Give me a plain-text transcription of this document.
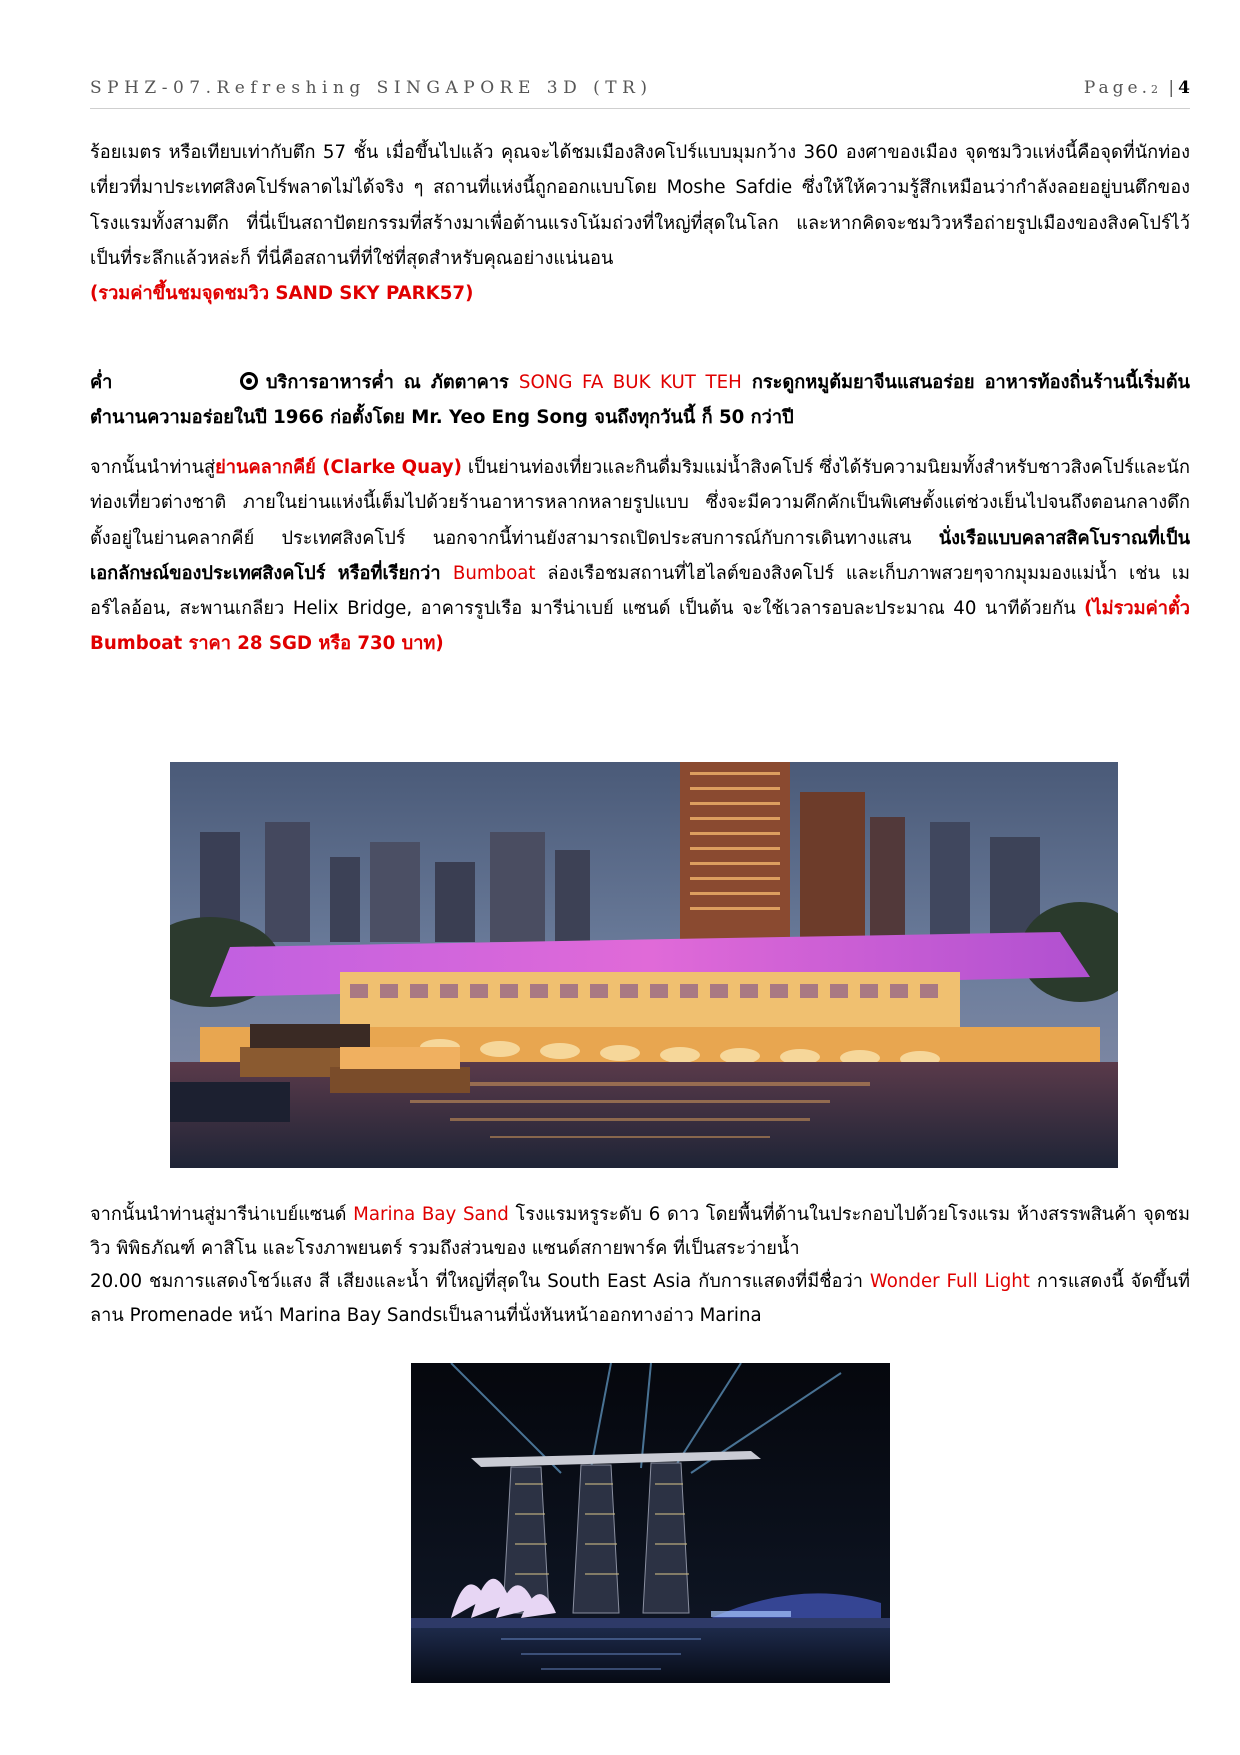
SPHZ-07.Refreshing SINGAPORE 3D (TR)	Page.2 |4

ร้อยเมตร หรือเทียบเท่ากับตึก 57 ชั้น เมื่อขึ้นไปแล้ว คุณจะได้ชมเมืองสิงคโปร์แบบมุมกว้าง 360 องศาของเมือง จุดชมวิวแห่งนี้คือจุดที่นักท่องเที่ยวที่มาประเทศสิงคโปร์พลาดไม่ได้จริง ๆ สถานที่แห่งนี้ถูกออกแบบโดย Moshe Safdie ซึ่งให้ให้ความรู้สึกเหมือนว่ากำลังลอยอยู่บนตึกของโรงแรมทั้งสามตึก ที่นี่เป็นสถาปัตยกรรมที่สร้างมาเพื่อต้านแรงโน้มถ่วงที่ใหญ่ที่สุดในโลก และหากคิดจะชมวิวหรือถ่ายรูปเมืองของสิงคโปร์ไว้เป็นที่ระลึกแล้วหล่ะก็ ที่นี่คือสถานที่ที่ใช่ที่สุดสำหรับคุณอย่างแน่นอน

(รวมค่าขึ้นชมจุดชมวิว SAND SKY PARK57)

ค่ำ	บริการอาหารค่ำ ณ ภัตตาคาร SONG FA BUK KUT TEH กระดูกหมูต้มยาจีนแสนอร่อย อาหารท้องถิ่นร้านนี้เริ่มต้นตำนานความอร่อยในปี 1966 ก่อตั้งโดย Mr. Yeo Eng Song จนถึงทุกวันนี้ ก็ 50 กว่าปี

จากนั้นนำท่านสู่ย่านคลากคีย์ (Clarke Quay) เป็นย่านท่องเที่ยวและกินดื่มริมแม่น้ำสิงคโปร์ ซึ่งได้รับความนิยมทั้งสำหรับชาวสิงคโปร์และนักท่องเที่ยวต่างชาติ ภายในย่านแห่งนี้เต็มไปด้วยร้านอาหารหลากหลายรูปแบบ ซึ่งจะมีความคึกคักเป็นพิเศษตั้งแต่ช่วงเย็นไปจนถึงตอนกลางดึก ตั้งอยู่ในย่านคลากคีย์ ประเทศสิงคโปร์ นอกจากนี้ท่านยังสามารถเปิดประสบการณ์กับการเดินทางแสน นั่งเรือแบบคลาสสิคโบราณที่เป็นเอกลักษณ์ของประเทศสิงคโปร์ หรือที่เรียกว่า Bumboat ล่องเรือชมสถานที่ไฮไลต์ของสิงคโปร์ และเก็บภาพสวยๆจากมุมมองแม่น้ำ เช่น เมอร์ไลอ้อน, สะพานเกลียว Helix Bridge, อาคารรูปเรือ มารีน่าเบย์ แซนด์ เป็นต้น จะใช้เวลารอบละประมาณ 40 นาทีด้วยกัน (ไม่รวมค่าตั๋ว Bumboat ราคา 28 SGD หรือ 730 บาท)

จากนั้นนำท่านสู่มารีน่าเบย์แซนด์ Marina Bay Sand โรงแรมหรูระดับ 6 ดาว โดยพื้นที่ด้านในประกอบไปด้วยโรงแรม ห้างสรรพสินค้า จุดชมวิว พิพิธภัณฑ์ คาสิโน และโรงภาพยนตร์ รวมถึงส่วนของ แซนด์สกายพาร์ค ที่เป็นสระว่ายน้ำ

20.00 ชมการแสดงโชว์แสง สี เสียงและน้ำ ที่ใหญ่ที่สุดใน South East Asia กับการแสดงที่มีชื่อว่า Wonder Full Light การแสดงนี้ จัดขึ้นที่ลาน Promenade หน้า Marina Bay Sandsเป็นลานที่นั่งหันหน้าออกทางอ่าว Marina
